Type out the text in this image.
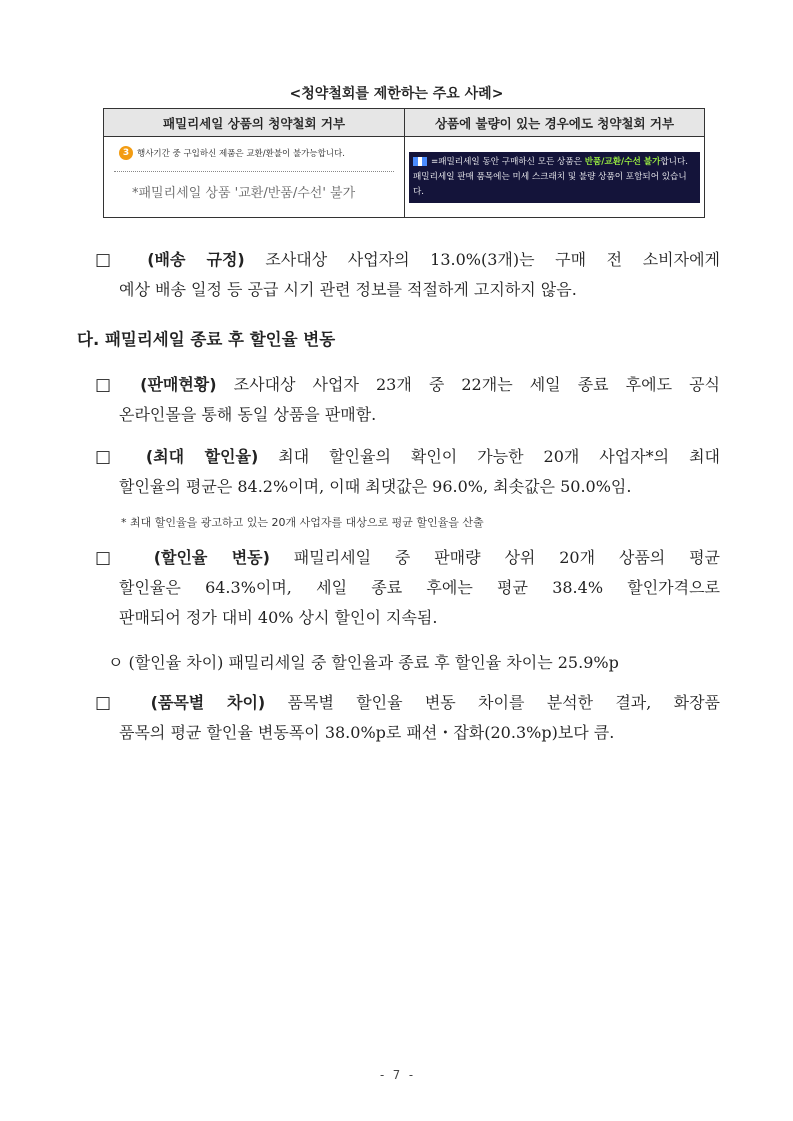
<청약철회를 제한하는 주요 사례>
패밀리세일 상품의 청약철회 거부	상품에 불량이 있는 경우에도 청약철회 거부
3 행사기간 중 구입하신 제품은 교환/환불이 불가능합니다.
*패밀리세일 상품 '교환/반품/수선' 불가
=패밀리세일 동안 구매하신 모든 상품은 반품/교환/수선 불가합니다.
패밀리세일 판매 품목에는 미세 스크래치 및 불량 상품이 포함되어 있습니다.
□ (배송 규정) 조사대상 사업자의 13.0%(3개)는 구매 전 소비자에게
예상 배송 일정 등 공급 시기 관련 정보를 적절하게 고지하지 않음.
다. 패밀리세일 종료 후 할인율 변동
□ (판매현황) 조사대상 사업자 23개 중 22개는 세일 종료 후에도 공식
온라인몰을 통해 동일 상품을 판매함.
□ (최대 할인율) 최대 할인율의 확인이 가능한 20개 사업자*의 최대
할인율의 평균은 84.2%이며, 이때 최댓값은 96.0%, 최솟값은 50.0%임.
* 최대 할인율을 광고하고 있는 20개 사업자를 대상으로 평균 할인율을 산출
□ (할인율 변동) 패밀리세일 중 판매량 상위 20개 상품의 평균
할인율은 64.3%이며, 세일 종료 후에는 평균 38.4% 할인가격으로
판매되어 정가 대비 40% 상시 할인이 지속됨.
ㅇ (할인율 차이) 패밀리세일 중 할인율과 종료 후 할인율 차이는 25.9%p
□ (품목별 차이) 품목별 할인율 변동 차이를 분석한 결과, 화장품
품목의 평균 할인율 변동폭이 38.0%p로 패션・잡화(20.3%p)보다 큼.
- 7 -
